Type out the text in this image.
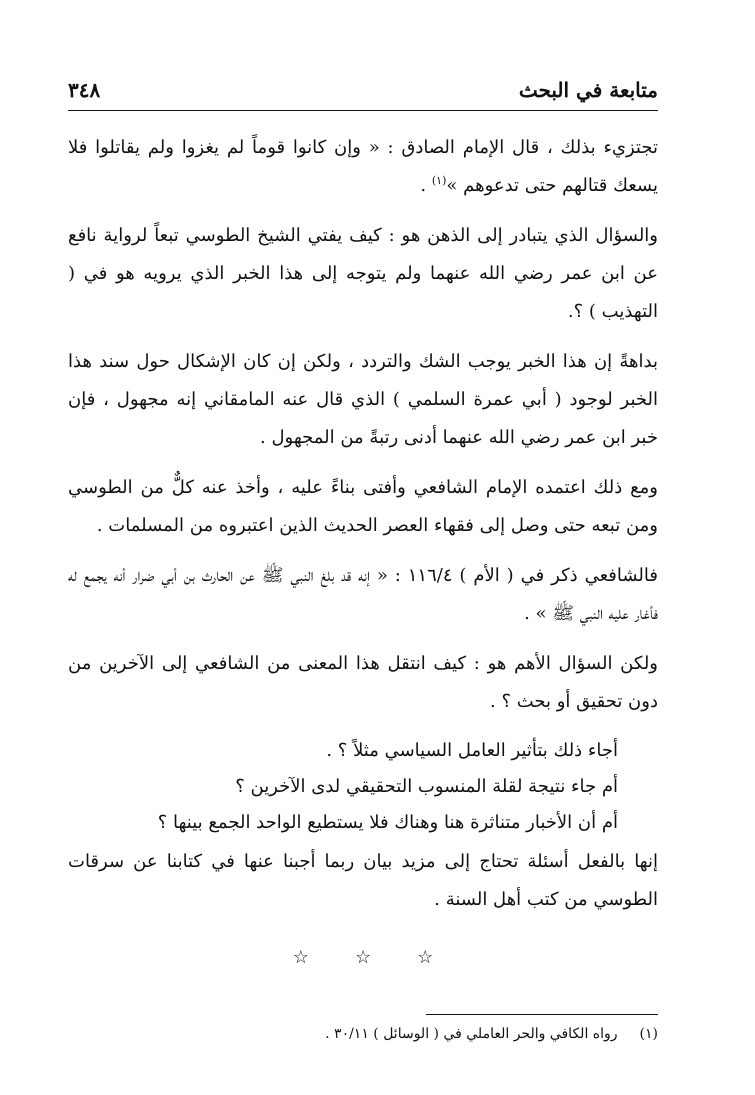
متابعة في البحث
٣٤٨

تجتزيء بذلك ، قال الإمام الصادق : « وإن كانوا قوماً لم يغزوا ولم يقاتلوا فلا يسعك قتالهم حتى تدعوهم »$^{(١)}$ .

والسؤال الذي يتبادر إلى الذهن هو : كيف يفتي الشيخ الطوسي تبعاً لرواية نافع عن ابن عمر رضي الله عنهما ولم يتوجه إلى هذا الخبر الذي يرويه هو في ( التهذيب ) ؟.

بداهةً إن هذا الخبر يوجب الشك والتردد ، ولكن إن كان الإشكال حول سند هذا الخبر لوجود ( أبي عمرة السلمي ) الذي قال عنه المامقاني إنه مجهول ، فإن خبر ابن عمر رضي الله عنهما أدنى رتبةً من المجهول .

ومع ذلك اعتمده الإمام الشافعي وأفتى بناءً عليه ، وأخذ عنه كلٌّ من الطوسي ومن تبعه حتى وصل إلى فقهاء العصر الحديث الذين اعتبروه من المسلمات .

فالشافعي ذكر في ( الأم ) ١١٦/٤ : « إنه قد بلغ النبي ﷺ عن الحارث بن أبي ضرار أنه يجمع له فأغار عليه النبي ﷺ » .

ولكن السؤال الأهم هو : كيف انتقل هذا المعنى من الشافعي إلى الآخرين من دون تحقيق أو بحث ؟ .

أجاء ذلك بتأثير العامل السياسي مثلاً ؟ .
أم جاء نتيجة لقلة المنسوب التحقيقي لدى الآخرين ؟
أم أن الأخبار متناثرة هنا وهناك فلا يستطيع الواحد الجمع بينها ؟

إنها بالفعل أسئلة تحتاج إلى مزيد بيان ربما أجبنا عنها في كتابنا عن سرقات الطوسي من كتب أهل السنة .

☆
☆
☆
(١)
رواه الكافي والحر العاملي في ( الوسائل ) ٣٠/١١ .
